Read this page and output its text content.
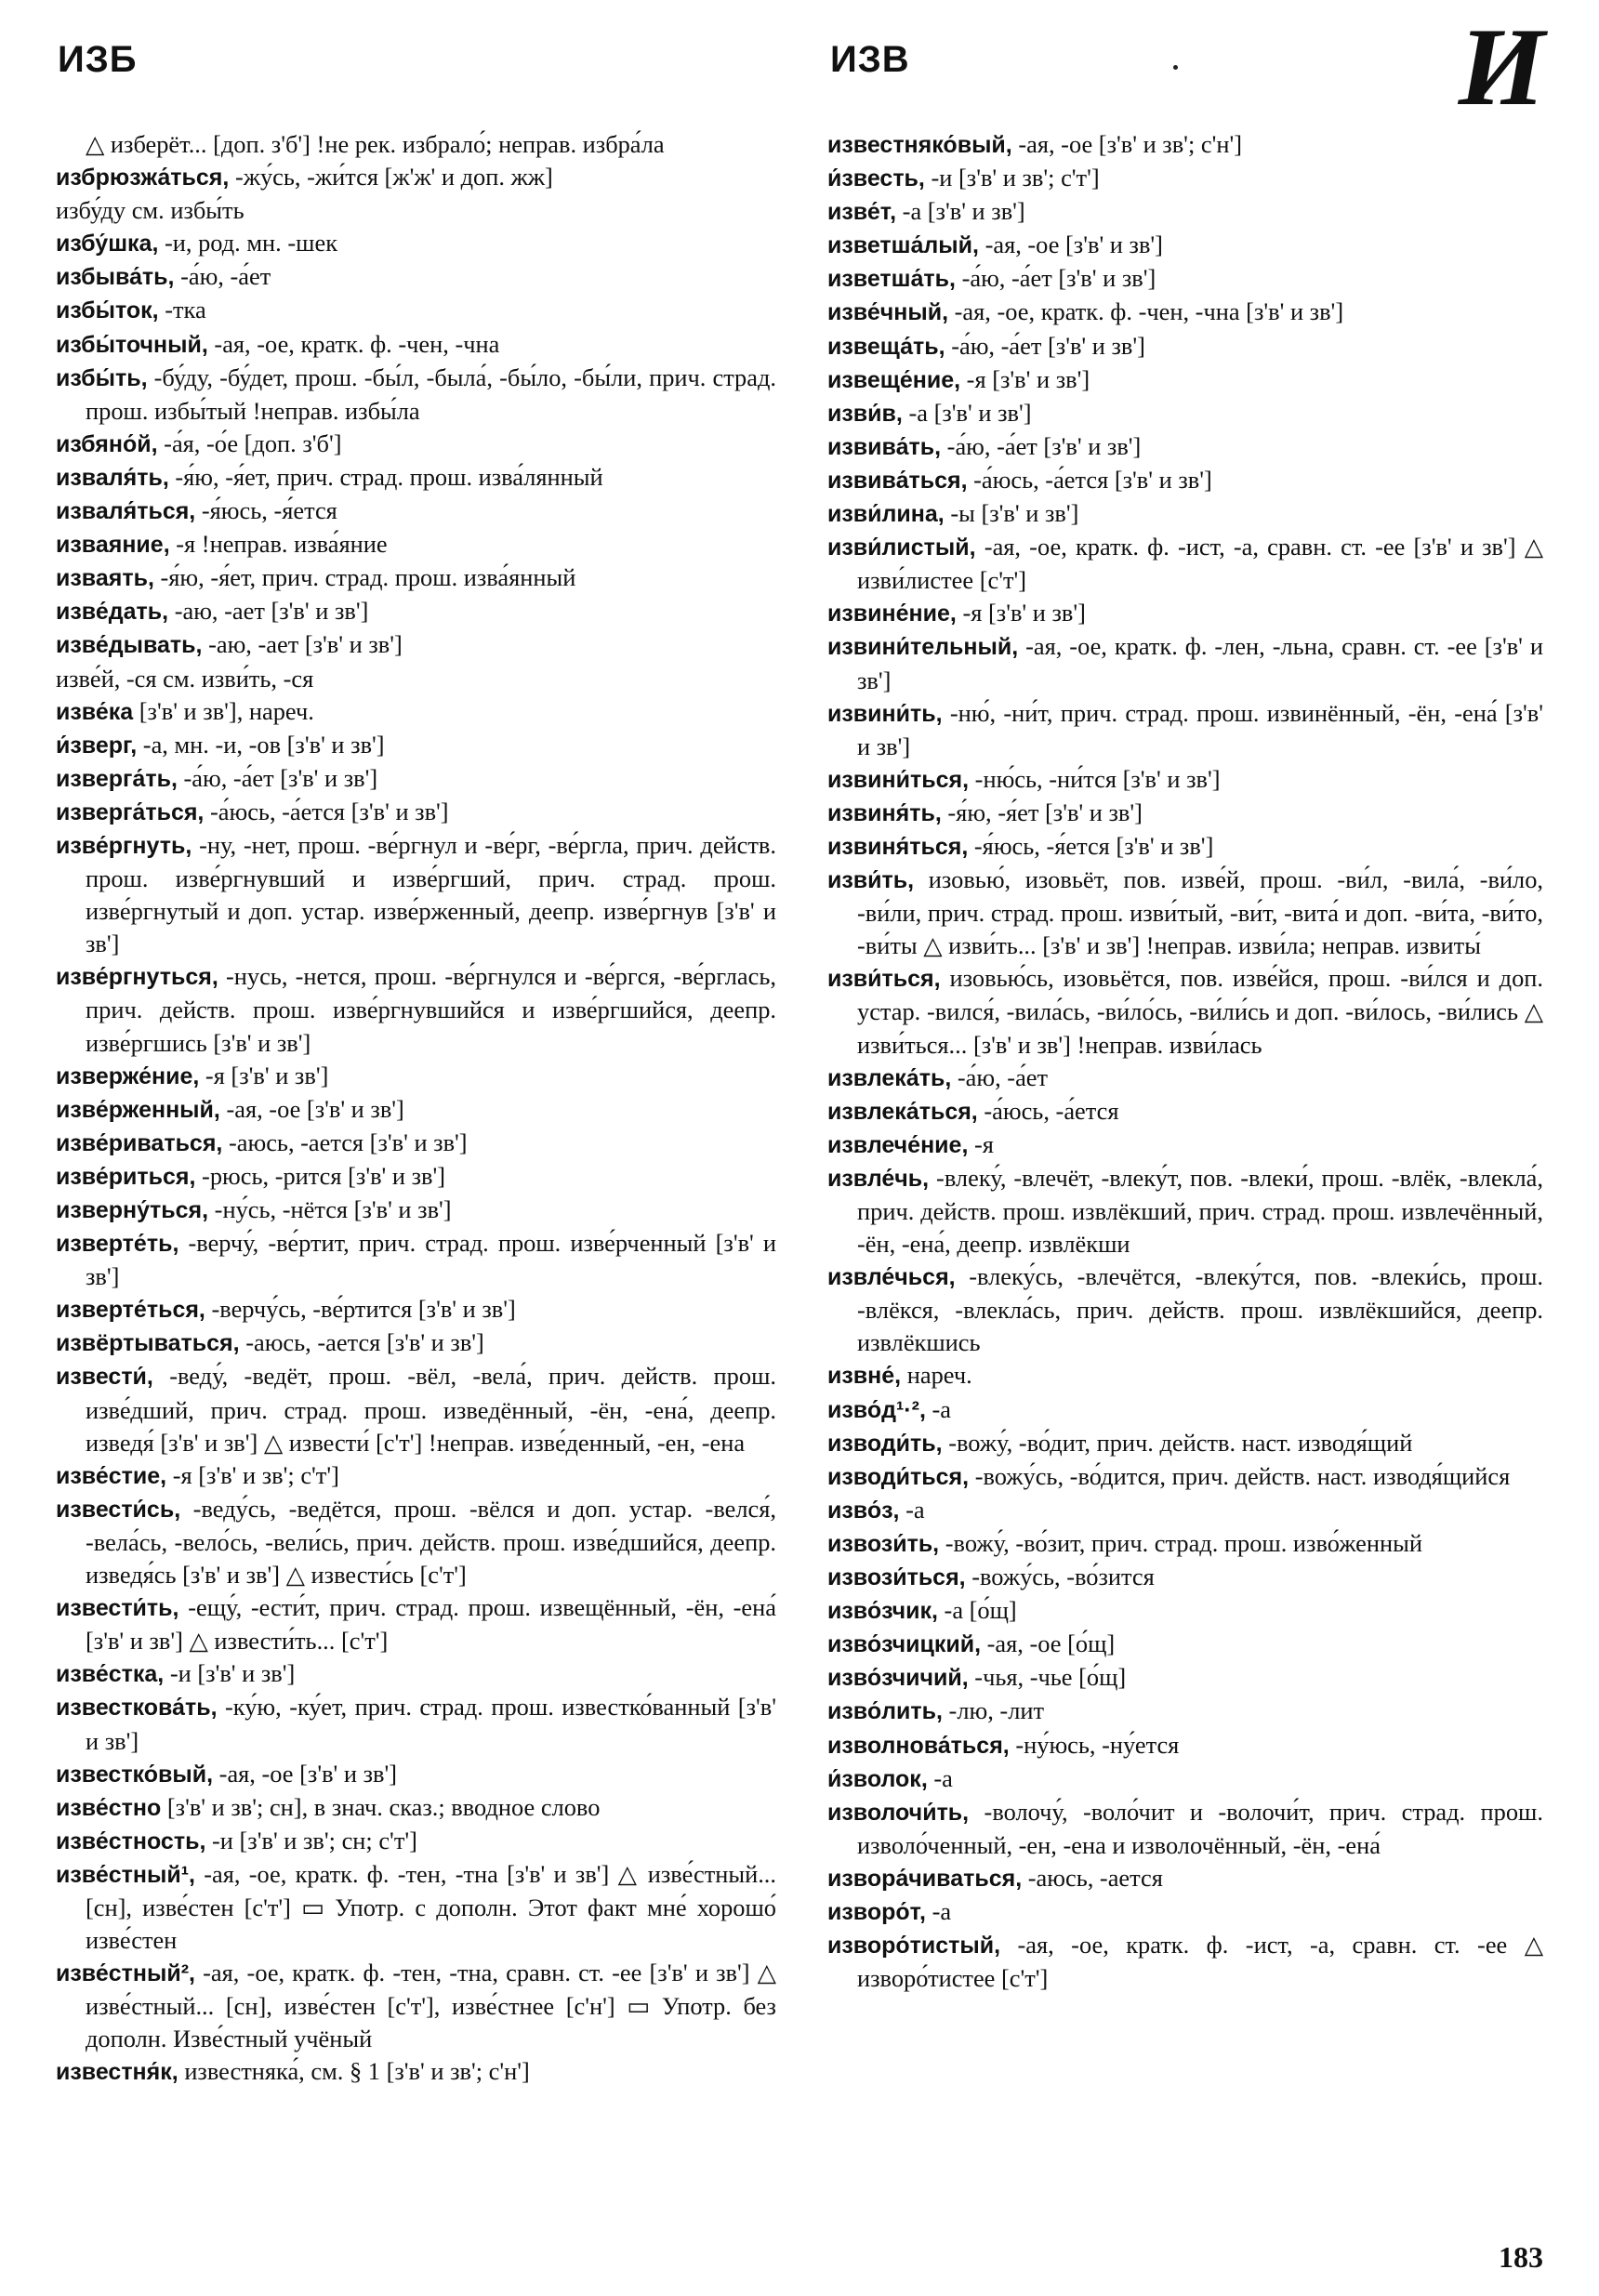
ИЗБ	ИЗВ	И

△ изберёт... [доп. з'б'] !не рек. избрало́; неправ. избра́ла

избрюзжа́ться, -жу́сь, -жи́тся [ж'ж' и доп. жж]

избу́ду см. избы́ть

избу́шка, -и, род. мн. -шек

избыва́ть, -а́ю, -а́ет

избы́ток, -тка

избы́точный, -ая, -ое, кратк. ф. -чен, -чна

избы́ть, -бу́ду, -бу́дет, прош. -бы́л, -была́, -бы́ло, -бы́ли, прич. страд. прош. избы́тый !неправ. избы́ла

избяно́й, -а́я, -о́е [доп. з'б']

изваля́ть, -я́ю, -я́ет, прич. страд. прош. изва́лянный

изваля́ться, -я́юсь, -я́ется

изваяние, -я !неправ. изва́яние

изваять, -я́ю, -я́ет, прич. страд. прош. изва́янный

изве́дать, -аю, -ает [з'в' и зв']

изве́дывать, -аю, -ает [з'в' и зв']

изве́й, -ся см. изви́ть, -ся

изве́ка [з'в' и зв'], нареч.

и́зверг, -а, мн. -и, -ов [з'в' и зв']

изверга́ть, -а́ю, -а́ет [з'в' и зв']

изверга́ться, -а́юсь, -а́ется [з'в' и зв']

изве́ргнуть, -ну, -нет, прош. -ве́ргнул и -ве́рг, -ве́ргла, прич. действ. прош. изве́ргнувший и изве́ргший, прич. страд. прош. изве́ргнутый и доп. устар. изве́рженный, деепр. изве́ргнув [з'в' и зв']

изве́ргнуться, -нусь, -нется, прош. -ве́ргнулся и -ве́ргся, -ве́рглась, прич. действ. прош. изве́ргнувшийся и изве́ргшийся, деепр. изве́ргшись [з'в' и зв']

изверже́ние, -я [з'в' и зв']

изве́рженный, -ая, -ое [з'в' и зв']

изве́риваться, -аюсь, -ается [з'в' и зв']

изве́риться, -рюсь, -рится [з'в' и зв']

изверну́ться, -ну́сь, -нётся [з'в' и зв']

изверте́ть, -верчу́, -ве́ртит, прич. страд. прош. изве́рченный [з'в' и зв']

изверте́ться, -верчу́сь, -ве́ртится [з'в' и зв']

извёртываться, -аюсь, -ается [з'в' и зв']

извести́, -веду́, -ведёт, прош. -вёл, -вела́, прич. действ. прош. изве́дший, прич. страд. прош. изведённый, -ён, -ена́, деепр. изведя́ [з'в' и зв'] △ извести́ [с'т'] !неправ. изве́денный, -ен, -ена

изве́стие, -я [з'в' и зв'; с'т']

извести́сь, -веду́сь, -ведётся, прош. -вёлся и доп. устар. -велся́, -вела́сь, -вело́сь, -вели́сь, прич. действ. прош. изве́дшийся, деепр. изведя́сь [з'в' и зв'] △ извести́сь [с'т']

извести́ть, -ещу́, -ести́т, прич. страд. прош. извещённый, -ён, -ена́ [з'в' и зв'] △ извести́ть... [с'т']

изве́стка, -и [з'в' и зв']

известкова́ть, -ку́ю, -ку́ет, прич. страд. прош. известко́ванный [з'в' и зв']

известко́вый, -ая, -ое [з'в' и зв']

изве́стно [з'в' и зв'; сн], в знач. сказ.; вводное слово

изве́стность, -и [з'в' и зв'; сн; с'т']

изве́стный¹, -ая, -ое, кратк. ф. -тен, -тна [з'в' и зв'] △ изве́стный... [сн], изве́стен [с'т'] ▭ Употр. с дополн. Этот факт мне́ хорошо́ изве́стен

изве́стный², -ая, -ое, кратк. ф. -тен, -тна, сравн. ст. -ее [з'в' и зв'] △ изве́стный... [сн], изве́стен [с'т'], изве́стнее [с'н'] ▭ Употр. без дополн. Изве́стный учёный

известня́к, известняка́, см. § 1 [з'в' и зв'; с'н']

известняко́вый, -ая, -ое [з'в' и зв'; с'н']

и́звесть, -и [з'в' и зв'; с'т']

изве́т, -а [з'в' и зв']

изветша́лый, -ая, -ое [з'в' и зв']

изветша́ть, -а́ю, -а́ет [з'в' и зв']

изве́чный, -ая, -ое, кратк. ф. -чен, -чна [з'в' и зв']

извеща́ть, -а́ю, -а́ет [з'в' и зв']

извеще́ние, -я [з'в' и зв']

изви́в, -а [з'в' и зв']

извива́ть, -а́ю, -а́ет [з'в' и зв']

извива́ться, -а́юсь, -а́ется [з'в' и зв']

изви́лина, -ы [з'в' и зв']

изви́листый, -ая, -ое, кратк. ф. -ист, -а, сравн. ст. -ее [з'в' и зв'] △ изви́листее [с'т']

извине́ние, -я [з'в' и зв']

извини́тельный, -ая, -ое, кратк. ф. -лен, -льна, сравн. ст. -ее [з'в' и зв']

извини́ть, -ню́, -ни́т, прич. страд. прош. извинённый, -ён, -ена́ [з'в' и зв']

извини́ться, -ню́сь, -ни́тся [з'в' и зв']

извиня́ть, -я́ю, -я́ет [з'в' и зв']

извиня́ться, -я́юсь, -я́ется [з'в' и зв']

изви́ть, изовью́, изовьёт, пов. изве́й, прош. -ви́л, -вила́, -ви́ло, -ви́ли, прич. страд. прош. изви́тый, -ви́т, -вита́ и доп. -ви́та, -ви́то, -ви́ты △ изви́ть... [з'в' и зв'] !неправ. изви́ла; неправ. извиты́

изви́ться, изовью́сь, изовьётся, пов. изве́йся, прош. -ви́лся и доп. устар. -вился́, -вила́сь, -ви́ло́сь, -ви́ли́сь и доп. -ви́лось, -ви́лись △ изви́ться... [з'в' и зв'] !неправ. изви́лась

извлека́ть, -а́ю, -а́ет

извлека́ться, -а́юсь, -а́ется

извлече́ние, -я

извле́чь, -влеку́, -влечёт, -влеку́т, пов. -влеки́, прош. -влёк, -влекла́, прич. действ. прош. извлёкший, прич. страд. прош. извлечённый, -ён, -ена́, деепр. извлёкши

извле́чься, -влеку́сь, -влечётся, -влеку́тся, пов. -влеки́сь, прош. -влёкся, -влекла́сь, прич. действ. прош. извлёкшийся, деепр. извлёкшись

извне́, нареч.

изво́д¹·², -а

изводи́ть, -вожу́, -во́дит, прич. действ. наст. изводя́щий

изводи́ться, -вожу́сь, -во́дится, прич. действ. наст. изводя́щийся

изво́з, -а

извози́ть, -вожу́, -во́зит, прич. страд. прош. изво́женный

извози́ться, -вожу́сь, -во́зится

изво́зчик, -а [о́щ]

изво́зчицкий, -ая, -ое [о́щ]

изво́зчичий, -чья, -чье [о́щ]

изво́лить, -лю, -лит

изволнова́ться, -ну́юсь, -ну́ется

и́зволок, -а

изволочи́ть, -волочу́, -воло́чит и -волочи́т, прич. страд. прош. изволо́ченный, -ен, -ена и изволочённый, -ён, -ена́

извора́чиваться, -аюсь, -ается

изворо́т, -а

изворо́тистый, -ая, -ое, кратк. ф. -ист, -а, сравн. ст. -ее △ изворо́тистее [с'т']

183
